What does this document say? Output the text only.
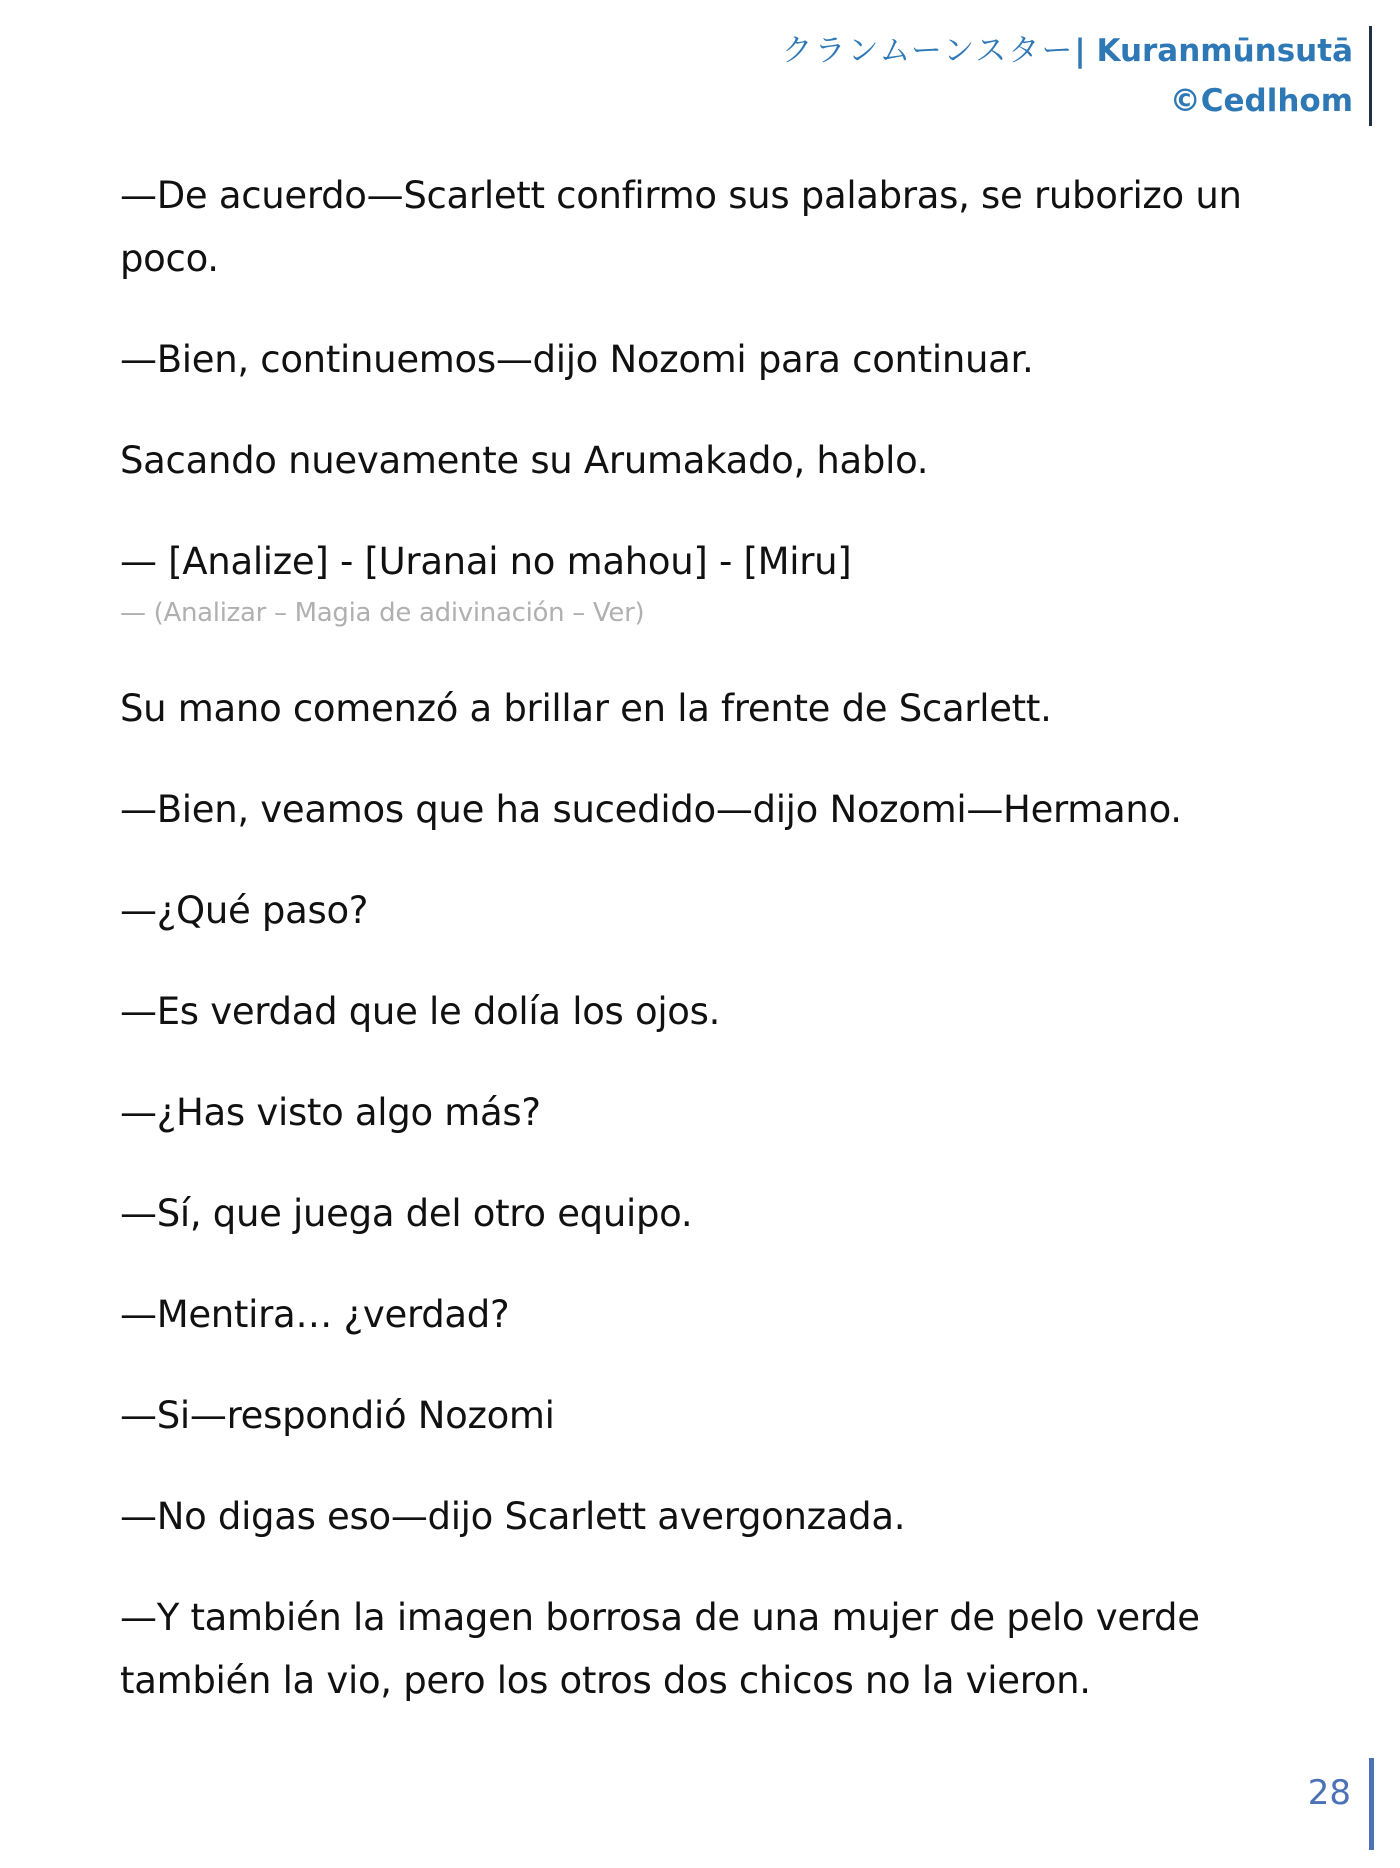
クランムーンスター| Kuranmūnsutā
©Cedlhom

—De acuerdo—Scarlett confirmo sus palabras, se ruborizo un poco.

—Bien, continuemos—dijo Nozomi para continuar.

Sacando nuevamente su Arumakado, hablo.

— [Analize] - [Uranai no mahou] - [Miru]

— (Analizar – Magia de adivinación – Ver)

Su mano comenzó a brillar en la frente de Scarlett.

—Bien, veamos que ha sucedido—dijo Nozomi—Hermano.

—¿Qué paso?

—Es verdad que le dolía los ojos.

—¿Has visto algo más?

—Sí, que juega del otro equipo.

—Mentira… ¿verdad?

—Si—respondió Nozomi

—No digas eso—dijo Scarlett avergonzada.

—Y también la imagen borrosa de una mujer de pelo verde también la vio, pero los otros dos chicos no la vieron.

28
